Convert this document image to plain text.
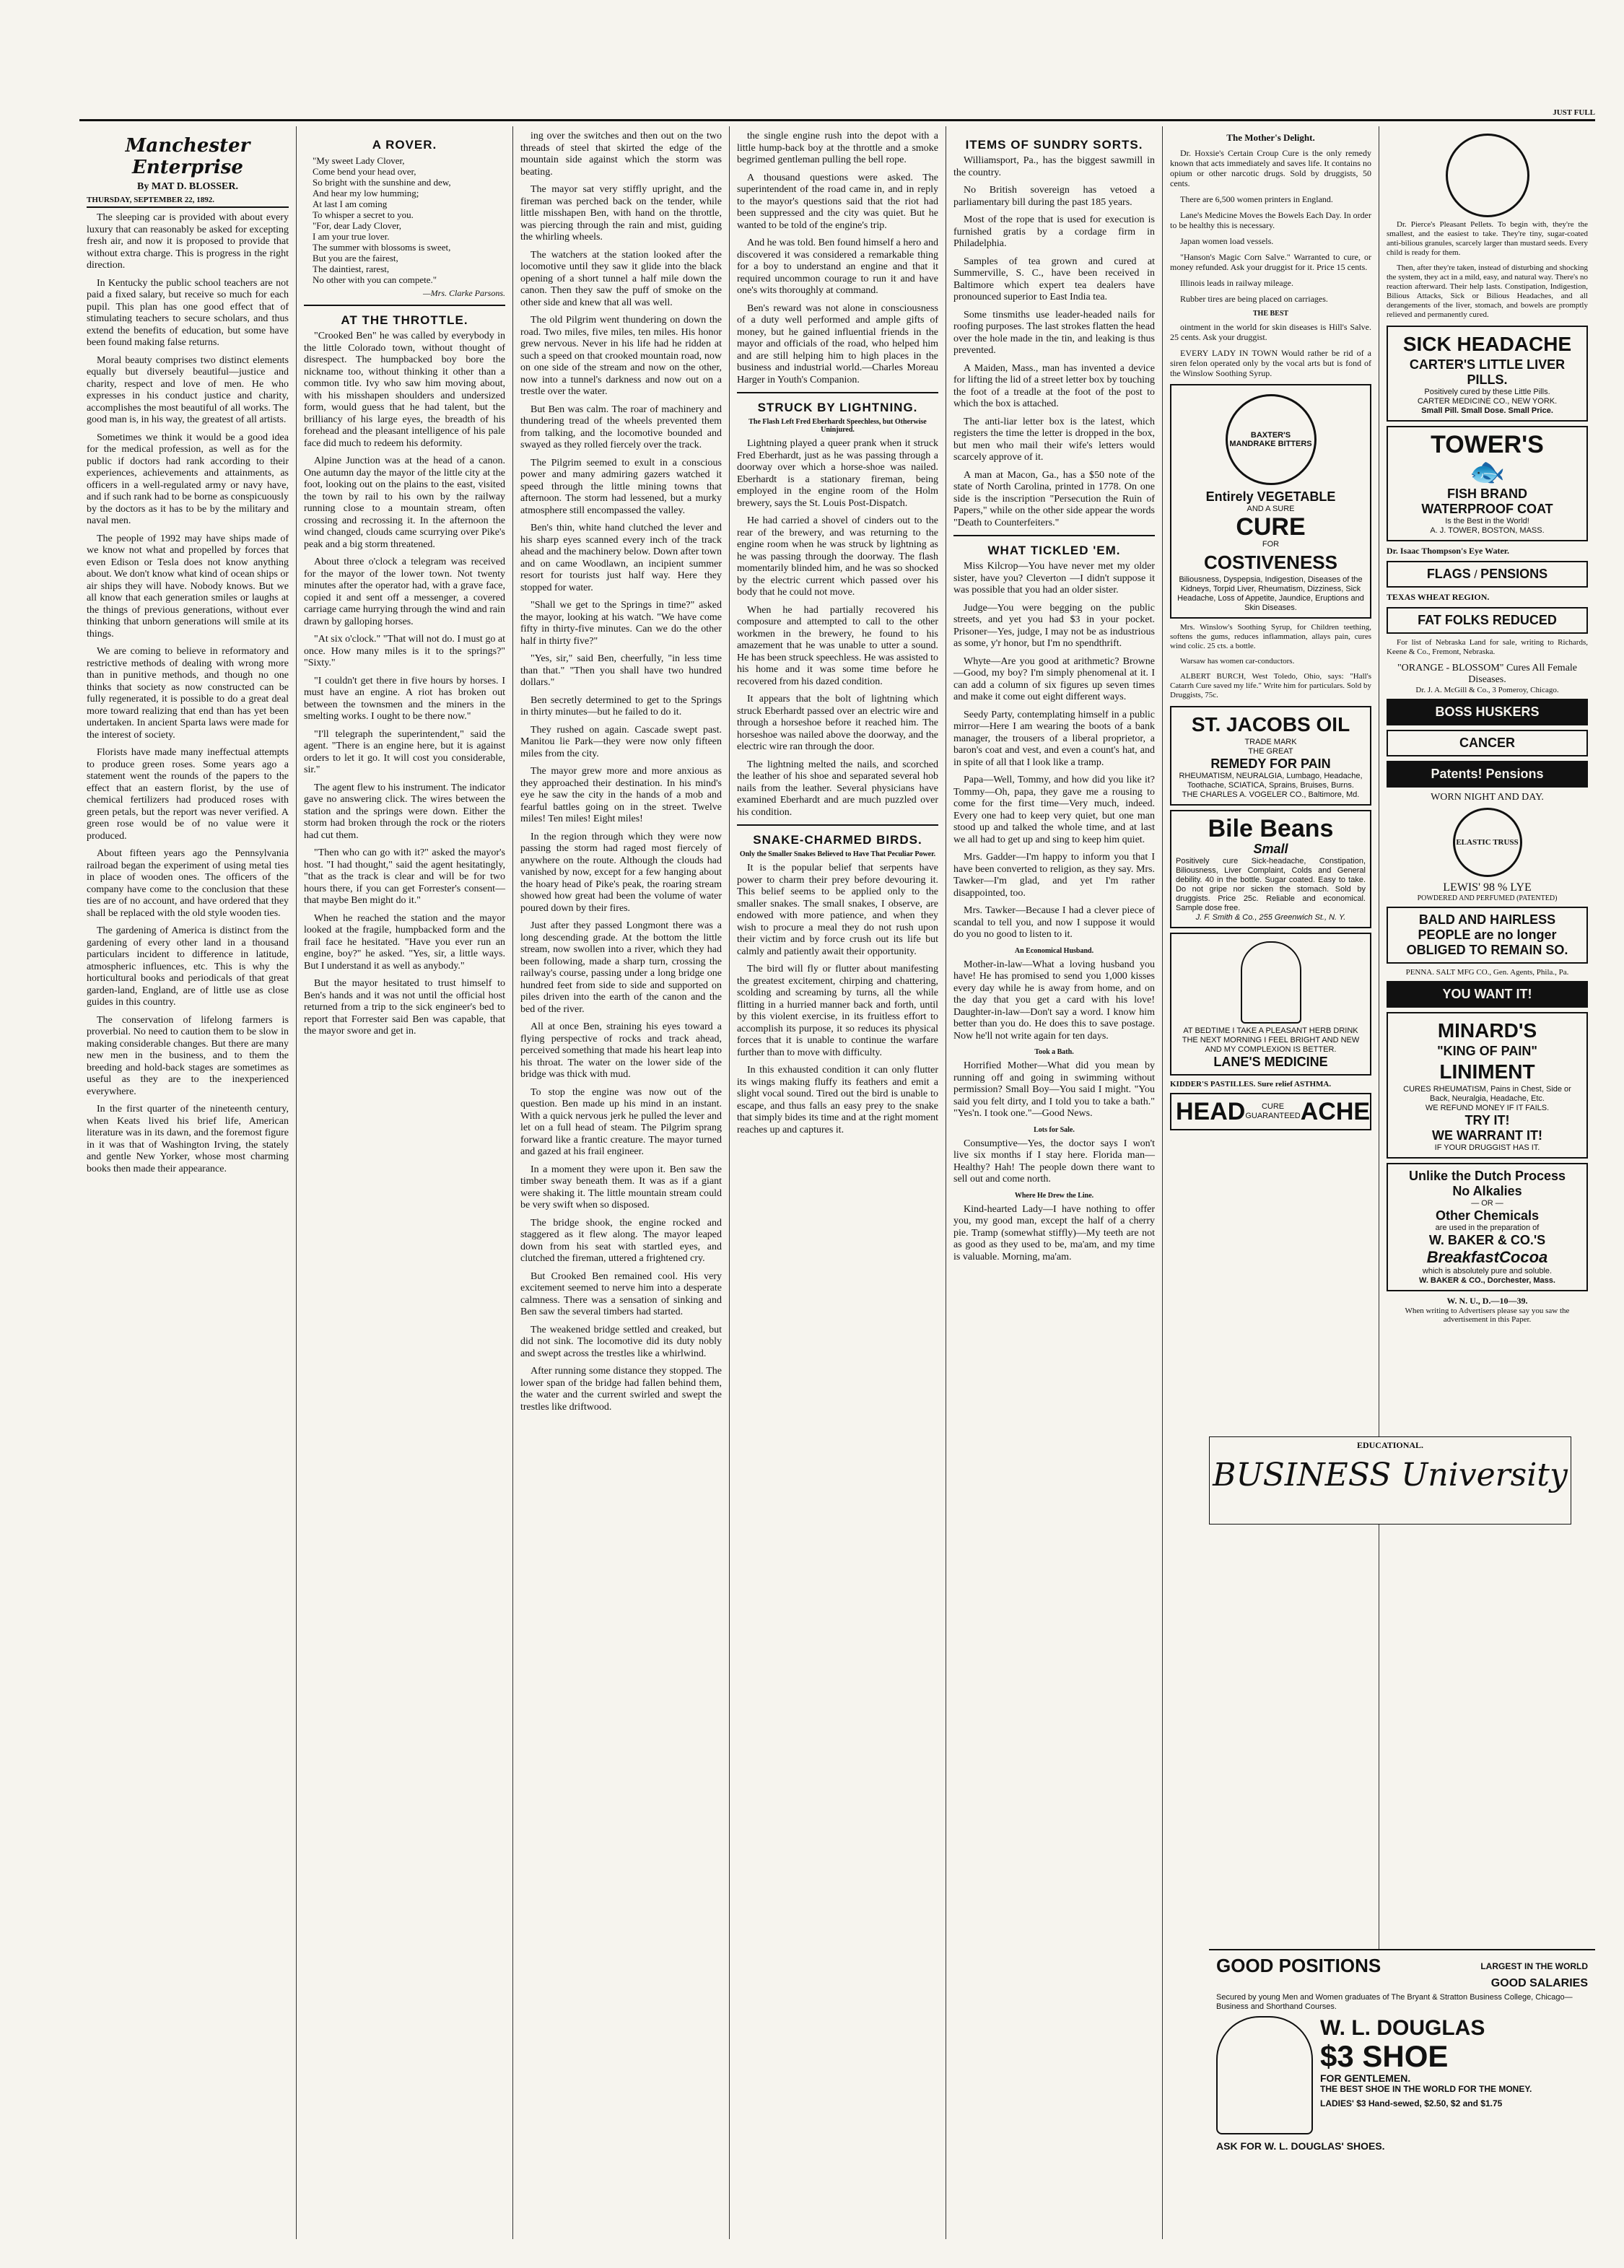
JUST FULL
Manchester Enterprise
By MAT D. BLOSSER.
THURSDAY, SEPTEMBER 22, 1892.

The sleeping car is provided with about every luxury that can reasonably be asked for excepting fresh air, and now it is proposed to provide that without extra charge. This is progress in the right direction.

In Kentucky the public school teachers are not paid a fixed salary, but receive so much for each pupil. This plan has one good effect that of stimulating teachers to secure scholars, and thus extend the benefits of education, but some have been found making false returns.

Moral beauty comprises two distinct elements equally but diversely beautiful—justice and charity, respect and love of men. He who expresses in his conduct justice and charity, accomplishes the most beautiful of all works. The good man is, in his way, the greatest of all artists.

Sometimes we think it would be a good idea for the medical profession, as well as for the public if doctors had rank according to their experiences, achievements and attainments, as officers in a well-regulated army or navy have, and if such rank had to be borne as conspicuously by the doctors as it has to be by the military and naval men.

The people of 1992 may have ships made of we know not what and propelled by forces that even Edison or Tesla does not know anything about. We don't know what kind of ocean ships or air ships they will have. Nobody knows. But we all know that each generation smiles or laughs at the things of previous generations, without ever thinking that unborn generations will smile at its things.

We are coming to believe in reformatory and restrictive methods of dealing with wrong more than in punitive methods, and though no one thinks that society as now constructed can be fully regenerated, it is possible to do a great deal more toward realizing that end than has yet been undertaken. In ancient Sparta laws were made for the interest of society.

Florists have made many ineffectual attempts to produce green roses. Some years ago a statement went the rounds of the papers to the effect that an eastern florist, by the use of chemical fertilizers had produced roses with green petals, but the report was never verified. A green rose would be of no value were it produced.

About fifteen years ago the Pennsylvania railroad began the experiment of using metal ties in place of wooden ones. The officers of the company have come to the conclusion that these ties are of no account, and have ordered that they shall be replaced with the old style wooden ties.

The gardening of America is distinct from the gardening of every other land in a thousand particulars incident to difference in latitude, atmospheric influences, etc. This is why the horticultural books and periodicals of that great garden-land, England, are of little use as close guides in this country.

The conservation of lifelong farmers is proverbial. No need to caution them to be slow in making considerable changes. But there are many new men in the business, and to them the breeding and hold-back stages are sometimes as useful as they are to the inexperienced everywhere.

In the first quarter of the nineteenth century, when Keats lived his brief life, American literature was in its dawn, and the foremost figure in it was that of Washington Irving, the stately and gentle New Yorker, whose most charming books then made their appearance.

A ROVER.
"My sweet Lady Clover,
Come bend your head over,
So bright with the sunshine and dew,
And hear my low humming;
At last I am coming
To whisper a secret to you.
"For, dear Lady Clover,
I am your true lover.
The summer with blossoms is sweet,
But you are the fairest,
The daintiest, rarest,
No other with you can compete."
—Mrs. Clarke Parsons.
AT THE THROTTLE.

"Crooked Ben" he was called by everybody in the little Colorado town, without thought of disrespect. The humpbacked boy bore the nickname too, without thinking it other than a common title. Ivy who saw him moving about, with his misshapen shoulders and undersized form, would guess that he had talent, but the brilliancy of his large eyes, the breadth of his forehead and the pleasant intelligence of his pale face did much to redeem his deformity.

Alpine Junction was at the head of a canon. One autumn day the mayor of the little city at the foot, looking out on the plains to the east, visited the town by rail to his own by the railway running close to a mountain stream, often crossing and recrossing it. In the afternoon the wind changed, clouds came scurrying over Pike's peak and a big storm threatened.

About three o'clock a telegram was received for the mayor of the lower town. Not twenty minutes after the operator had, with a grave face, copied it and sent off a messenger, a covered carriage came hurrying through the wind and rain drawn by galloping horses.

"At six o'clock." "That will not do. I must go at once. How many miles is it to the springs?" "Sixty."

"I couldn't get there in five hours by horses. I must have an engine. A riot has broken out between the townsmen and the miners in the smelting works. I ought to be there now."

"I'll telegraph the superintendent," said the agent. "There is an engine here, but it is against orders to let it go. It will cost you considerable, sir."

The agent flew to his instrument. The indicator gave no answering click. The wires between the station and the springs were down. Either the storm had broken through the rock or the rioters had cut them.

"Then who can go with it?" asked the mayor's host. "I had thought," said the agent hesitatingly, "that as the track is clear and will be for two hours there, if you can get Forrester's consent— that maybe Ben might do it."

When he reached the station and the mayor looked at the fragile, humpbacked form and the frail face he hesitated. "Have you ever run an engine, boy?" he asked. "Yes, sir, a little ways. But I understand it as well as anybody."

But the mayor hesitated to trust himself to Ben's hands and it was not until the official host returned from a trip to the sick engineer's bed to report that Forrester said Ben was capable, that the mayor swore and get in.

ing over the switches and then out on the two threads of steel that skirted the edge of the mountain side against which the storm was beating.

The mayor sat very stiffly upright, and the fireman was perched back on the tender, while little misshapen Ben, with hand on the throttle, was piercing through the rain and mist, guiding the whirling wheels.

The watchers at the station looked after the locomotive until they saw it glide into the black opening of a short tunnel a half mile down the canon. Then they saw the puff of smoke on the other side and knew that all was well.

The old Pilgrim went thundering on down the road. Two miles, five miles, ten miles. His honor grew nervous. Never in his life had he ridden at such a speed on that crooked mountain road, now on one side of the stream and now on the other, now into a tunnel's darkness and now out on a trestle over the water.

But Ben was calm. The roar of machinery and thundering tread of the wheels prevented them from talking, and the locomotive bounded and swayed as they rolled fiercely over the track.

The Pilgrim seemed to exult in a conscious power and many admiring gazers watched it speed through the little mining towns that afternoon. The storm had lessened, but a murky atmosphere still encompassed the valley.

Ben's thin, white hand clutched the lever and his sharp eyes scanned every inch of the track ahead and the machinery below. Down after town and on came Woodlawn, an incipient summer resort for tourists just half way. Here they stopped for water.

"Shall we get to the Springs in time?" asked the mayor, looking at his watch. "We have come fifty in thirty-five minutes. Can we do the other half in thirty five?"

"Yes, sir," said Ben, cheerfully, "in less time than that." "Then you shall have two hundred dollars."

Ben secretly determined to get to the Springs in thirty minutes—but he failed to do it.

They rushed on again. Cascade swept past. Manitou lie Park—they were now only fifteen miles from the city.

The mayor grew more and more anxious as they approached their destination. In his mind's eye he saw the city in the hands of a mob and fearful battles going on in the street. Twelve miles! Ten miles! Eight miles!

In the region through which they were now passing the storm had raged most fiercely of anywhere on the route. Although the clouds had vanished by now, except for a few hanging about the hoary head of Pike's peak, the roaring stream showed how great had been the volume of water poured down by their fires.

Just after they passed Longmont there was a long descending grade. At the bottom the little stream, now swollen into a river, which they had been following, made a sharp turn, crossing the railway's course, passing under a long bridge one hundred feet from side to side and supported on piles driven into the earth of the canon and the bed of the river.

All at once Ben, straining his eyes toward a flying perspective of rocks and track ahead, perceived something that made his heart leap into his throat. The water on the lower side of the bridge was thick with mud.

To stop the engine was now out of the question. Ben made up his mind in an instant. With a quick nervous jerk he pulled the lever and let on a full head of steam. The Pilgrim sprang forward like a frantic creature. The mayor turned and gazed at his frail engineer.

In a moment they were upon it. Ben saw the timber sway beneath them. It was as if a giant were shaking it. The little mountain stream could be very swift when so disposed.

The bridge shook, the engine rocked and staggered as it flew along. The mayor leaped down from his seat with startled eyes, and clutched the fireman, uttered a frightened cry.

But Crooked Ben remained cool. His very excitement seemed to nerve him into a desperate calmness. There was a sensation of sinking and Ben saw the several timbers had started.

The weakened bridge settled and creaked, but did not sink. The locomotive did its duty nobly and swept across the trestles like a whirlwind.

After running some distance they stopped. The lower span of the bridge had fallen behind them, the water and the current swirled and swept the trestles like driftwood.

the single engine rush into the depot with a little hump-back boy at the throttle and a smoke begrimed gentleman pulling the bell rope.

A thousand questions were asked. The superintendent of the road came in, and in reply to the mayor's questions said that the riot had been suppressed and the city was quiet. But he wanted to be told of the engine's trip.

And he was told. Ben found himself a hero and discovered it was considered a remarkable thing for a boy to understand an engine and that it required uncommon courage to run it and have one's wits thoroughly at command.

Ben's reward was not alone in consciousness of a duty well performed and ample gifts of money, but he gained influential friends in the mayor and officials of the road, who helped him and are still helping him to high places in the business and industrial world.—Charles Moreau Harger in Youth's Companion.

STRUCK BY LIGHTNING.
The Flash Left Fred Eberhardt Speechless, but Otherwise Uninjured.

Lightning played a queer prank when it struck Fred Eberhardt, just as he was passing through a doorway over which a horse-shoe was nailed. Eberhardt is a stationary fireman, being employed in the engine room of the Holm brewery, says the St. Louis Post-Dispatch.

He had carried a shovel of cinders out to the rear of the brewery, and was returning to the engine room when he was struck by lightning as he was passing through the doorway. The flash momentarily blinded him, and he was so shocked by the electric current which passed over his body that he could not move.

When he had partially recovered his composure and attempted to call to the other workmen in the brewery, he found to his amazement that he was unable to utter a sound. He has been struck speechless. He was assisted to his home and it was some time before he recovered from his dazed condition.

It appears that the bolt of lightning which struck Eberhardt passed over an electric wire and through a horseshoe before it reached him. The horseshoe was nailed above the doorway, and the electric wire ran through the door.

The lightning melted the nails, and scorched the leather of his shoe and separated several hob nails from the leather. Several physicians have examined Eberhardt and are much puzzled over his condition.

SNAKE-CHARMED BIRDS.
Only the Smaller Snakes Believed to Have That Peculiar Power.

It is the popular belief that serpents have power to charm their prey before devouring it. This belief seems to be applied only to the smaller snakes. The small snakes, I observe, are endowed with more patience, and when they wish to procure a meal they do not rush upon their victim and by force crush out its life but calmly and patiently await their opportunity.

The bird will fly or flutter about manifesting the greatest excitement, chirping and chattering, scolding and screaming by turns, all the while flitting in a hurried manner back and forth, until by this violent exercise, in its fruitless effort to accomplish its purpose, it so reduces its physical forces that it is unable to continue the warfare further than to move with difficulty.

In this exhausted condition it can only flutter its wings making fluffy its feathers and emit a slight vocal sound. Tired out the bird is unable to escape, and thus falls an easy prey to the snake that simply bides its time and at the right moment reaches up and captures it.

ITEMS OF SUNDRY SORTS.

Williamsport, Pa., has the biggest sawmill in the country.

No British sovereign has vetoed a parliamentary bill during the past 185 years.

Most of the rope that is used for execution is furnished gratis by a cordage firm in Philadelphia.

Samples of tea grown and cured at Summerville, S. C., have been received in Baltimore which expert tea dealers have pronounced superior to East India tea.

Some tinsmiths use leader-headed nails for roofing purposes. The last strokes flatten the head over the hole made in the tin, and leaking is thus prevented.

A Maiden, Mass., man has invented a device for lifting the lid of a street letter box by touching the foot of a treadle at the foot of the post to which the box is attached.

The anti-liar letter box is the latest, which registers the time the letter is dropped in the box, but men who mail their wife's letters would scarcely approve of it.

A man at Macon, Ga., has a $50 note of the state of North Carolina, printed in 1778. On one side is the inscription "Persecution the Ruin of Papers," while on the other side appear the words "Death to Counterfeiters."

WHAT TICKLED 'EM.

Miss Kilcrop—You have never met my older sister, have you? Cleverton —I didn't suppose it was possible that you had an older sister.

Judge—You were begging on the public streets, and yet you had $3 in your pocket. Prisoner—Yes, judge, I may not be as industrious as some, y'r honor, but I'm no spendthrift.

Whyte—Are you good at arithmetic? Browne—Good, my boy? I'm simply phenomenal at it. I can add a column of six figures up seven times and make it come out eight different ways.

Seedy Party, contemplating himself in a public mirror—Here I am wearing the boots of a bank manager, the trousers of a liberal proprietor, a baron's coat and vest, and even a count's hat, and in spite of all that I look like a tramp.

Papa—Well, Tommy, and how did you like it? Tommy—Oh, papa, they gave me a rousing to come for the first time—Very much, indeed. Every one had to keep very quiet, but one man stood up and talked the whole time, and at last we all had to get up and sing to keep him quiet.

Mrs. Gadder—I'm happy to inform you that I have been converted to religion, as they say. Mrs. Tawker—I'm glad, and yet I'm rather disappointed, too.

Mrs. Tawker—Because I had a clever piece of scandal to tell you, and now I suppose it would do you no good to listen to it.

An Economical Husband.

Mother-in-law—What a loving husband you have! He has promised to send you 1,000 kisses every day while he is away from home, and on the day that you get a card with his love! Daughter-in-law—Don't say a word. I know him better than you do. He does this to save postage. Now he'll not write again for ten days.

Took a Bath.

Horrified Mother—What did you mean by running off and going in swimming without permission? Small Boy—You said I might. "You said you felt dirty, and I told you to take a bath." "Yes'n. I took one."—Good News.

Lots for Sale.

Consumptive—Yes, the doctor says I won't live six months if I stay here. Florida man—Healthy? Hah! The people down there want to sell out and come north.

Where He Drew the Line.

Kind-hearted Lady—I have nothing to offer you, my good man, except the half of a cherry pie. Tramp (somewhat stiffly)—My teeth are not as good as they used to be, ma'am, and my time is valuable. Morning, ma'am.

The Mother's Delight.

Dr. Hoxsie's Certain Croup Cure is the only remedy known that acts immediately and saves life. It contains no opium or other narcotic drugs. Sold by druggists, 50 cents.

There are 6,500 women printers in England.

Lane's Medicine Moves the Bowels Each Day. In order to be healthy this is necessary.

Japan women load vessels.

"Hanson's Magic Corn Salve." Warranted to cure, or money refunded. Ask your druggist for it. Price 15 cents.

Illinois leads in railway mileage.

Rubber tires are being placed on carriages.

THE BEST

ointment in the world for skin diseases is Hill's Salve. 25 cents. Ask your druggist.

EVERY LADY IN TOWN Would rather be rid of a siren felon operated only by the vocal arts but is fond of the Winslow Soothing Syrup.

BAXTER'S MANDRAKE BITTERS
Entirely VEGETABLE
AND A SURE
CURE
FOR
COSTIVENESS
Biliousness, Dyspepsia, Indigestion, Diseases of the Kidneys, Torpid Liver, Rheumatism, Dizziness, Sick Headache, Loss of Appetite, Jaundice, Eruptions and Skin Diseases.

Mrs. Winslow's Soothing Syrup, for Children teething, softens the gums, reduces inflammation, allays pain, cures wind colic. 25 cts. a bottle.

Warsaw has women car-conductors.

ALBERT BURCH, West Toledo, Ohio, says: "Hall's Catarrh Cure saved my life." Write him for particulars. Sold by Druggists, 75c.

ST. JACOBS OIL
TRADE MARK
THE GREAT
REMEDY FOR PAIN
RHEUMATISM, NEURALGIA, Lumbago, Headache, Toothache, SCIATICA, Sprains, Bruises, Burns.
THE CHARLES A. VOGELER CO., Baltimore, Md.
Bile Beans
Small
Positively cure Sick-headache, Constipation, Biliousness, Liver Complaint, Colds and General debility. 40 in the bottle. Sugar coated. Easy to take. Do not gripe nor sicken the stomach. Sold by druggists. Price 25c. Reliable and economical. Sample dose free.
J. F. Smith & Co., 255 Greenwich St., N. Y.
AT BEDTIME I TAKE A PLEASANT HERB DRINK
THE NEXT MORNING I FEEL BRIGHT AND NEW AND MY COMPLEXION IS BETTER.
LANE'S MEDICINE
KIDDER'S PASTILLES. Sure relief ASTHMA.
HEAD	CURE GUARANTEED ACHE

Dr. Pierce's Pleasant Pellets. To begin with, they're the smallest, and the easiest to take. They're tiny, sugar-coated anti-bilious granules, scarcely larger than mustard seeds. Every child is ready for them.

Then, after they're taken, instead of disturbing and shocking the system, they act in a mild, easy, and natural way. There's no reaction afterward. Their help lasts. Constipation, Indigestion, Bilious Attacks, Sick or Bilious Headaches, and all derangements of the liver, stomach, and bowels are promptly relieved and permanently cured.

SICK HEADACHE
CARTER'S LITTLE LIVER PILLS.
Positively cured by these Little Pills.
CARTER MEDICINE CO., NEW YORK.
Small Pill. Small Dose. Small Price.
TOWER'S
🐟
FISH BRAND
WATERPROOF COAT
Is the Best in the World!
A. J. TOWER, BOSTON, MASS.
Dr. Isaac Thompson's Eye Water.
FLAGS / PENSIONS
TEXAS WHEAT REGION.
FAT FOLKS REDUCED

For list of Nebraska Land for sale, writing to Richards, Keene & Co., Fremont, Nebraska.

"ORANGE - BLOSSOM" Cures All Female Diseases.
Dr. J. A. McGill & Co., 3 Pomeroy, Chicago.
BOSS HUSKERS
CANCER
Patents! Pensions
WORN NIGHT AND DAY.
ELASTIC TRUSS
LEWIS' 98 % LYE
POWDERED AND PERFUMED (PATENTED)
BALD AND HAIRLESS PEOPLE are no longer OBLIGED TO REMAIN SO.
PENNA. SALT MFG CO., Gen. Agents, Phila., Pa.
YOU WANT IT!
MINARD'S
"KING OF PAIN"
LINIMENT
CURES RHEUMATISM, Pains in Chest, Side or Back, Neuralgia, Headache, Etc.
WE REFUND MONEY IF IT FAILS.
TRY IT!
WE WARRANT IT!
IF YOUR DRUGGIST HAS IT.
Unlike the Dutch Process
No Alkalies
— OR —
Other Chemicals
are used in the preparation of
W. BAKER & CO.'S
BreakfastCocoa
which is absolutely pure and soluble.
W. BAKER & CO., Dorchester, Mass.
W. N. U., D.—10—39.
When writing to Advertisers please say you saw the advertisement in this Paper.
GOOD POSITIONS	LARGEST IN THE WORLD
GOOD SALARIES
Secured by young Men and Women graduates of The Bryant & Stratton Business College, Chicago—Business and Shorthand Courses.
W. L. DOUGLAS
$3 SHOE
FOR GENTLEMEN.
THE BEST SHOE IN THE WORLD FOR THE MONEY.
LADIES' $3 Hand-sewed, $2.50, $2 and $1.75
ASK FOR W. L. DOUGLAS' SHOES.
EDUCATIONAL.
BUSINESS University
